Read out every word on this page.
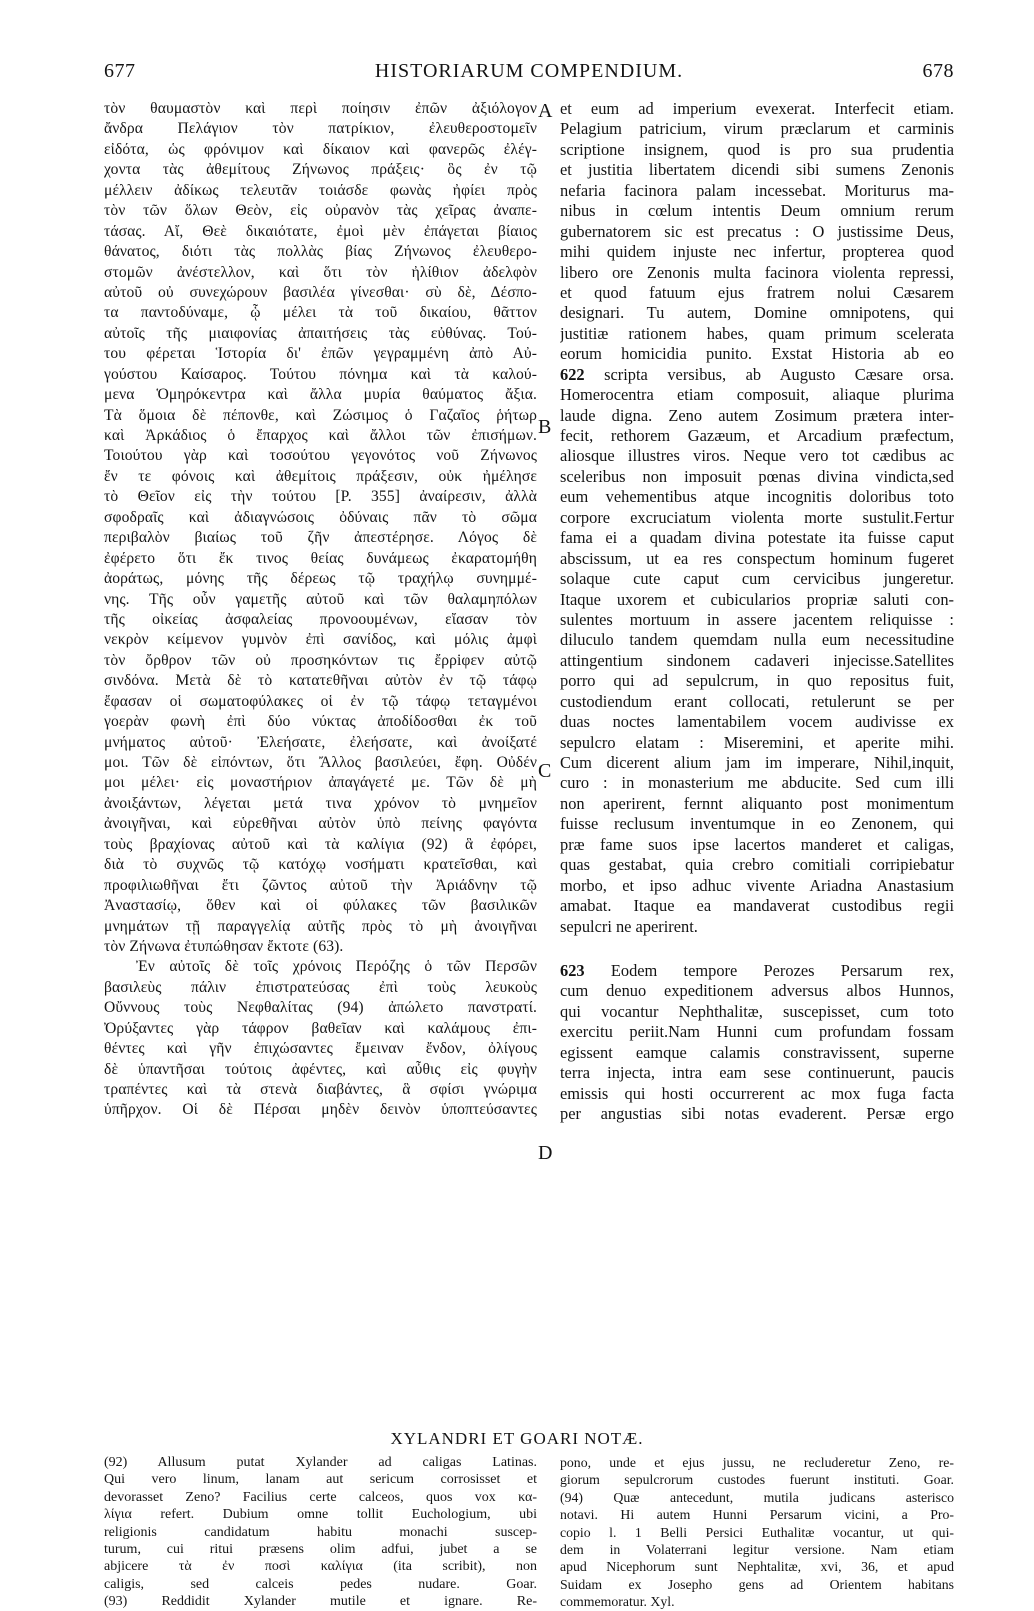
677	HISTORIARUM COMPENDIUM.	678
A
B
C
D
τὸν θαυμαστὸν καὶ περὶ ποίησιν ἐπῶν ἀξιόλογον
ἄνδρα Πελάγιον τὸν πατρίκιον, ἐλευθεροστομεῖν
εἰδότα, ὡς φρόνιμον καὶ δίκαιον καὶ φανερῶς ἐλέγ-
χοντα τὰς ἀθεμίτους Ζήνωνος πράξεις· ὃς ἐν τῷ
μέλλειν ἀδίκως τελευτᾶν τοιάσδε φωνὰς ἠφίει πρὸς
τὸν τῶν ὅλων Θεὸν, εἰς οὐρανὸν τὰς χεῖρας ἀναπε-
τάσας. Αἴ, Θεὲ δικαιότατε, ἐμοὶ μὲν ἐπάγεται βίαιος
θάνατος, διότι τὰς πολλὰς βίας Ζήνωνος ἐλευθερο-
στομῶν ἀνέστελλον, καὶ ὅτι τὸν ἠλίθιον ἀδελφὸν
αὐτοῦ οὐ συνεχώρουν βασιλέα γίνεσθαι· σὺ δὲ, Δέσπο-
τα παντοδύναμε, ᾧ μέλει τὰ τοῦ δικαίου, θᾶττον
αὐτοῖς τῆς μιαιφονίας ἀπαιτήσεις τὰς εὐθύνας. Τού-
του φέρεται Ἱστορία δι' ἐπῶν γεγραμμένη ἀπὸ Αὐ-
γούστου Καίσαρος. Τούτου πόνημα καὶ τὰ καλού-
μενα Ὁμηρόκεντρα καὶ ἄλλα μυρία θαύματος ἄξια.
Τὰ ὅμοια δὲ πέπονθε, καὶ Ζώσιμος ὁ Γαζαῖος ῥήτωρ
καὶ Ἀρκάδιος ὁ ἔπαρχος καὶ ἄλλοι τῶν ἐπισήμων.
Τοιούτου γὰρ καὶ τοσούτου γεγονότος νοῦ Ζήνωνος
ἔν τε φόνοις καὶ ἀθεμίτοις πράξεσιν, οὐκ ἠμέλησε
τὸ Θεῖον εἰς τὴν τούτου [P. 355] ἀναίρεσιν, ἀλλὰ
σφοδραῖς καὶ ἀδιαγνώσοις ὀδύναις πᾶν τὸ σῶμα
περιβαλὸν βιαίως τοῦ ζῆν ἀπεστέρησε. Λόγος δὲ
ἐφέρετο ὅτι ἔκ τινος θείας δυνάμεως ἐκαρατομήθη
ἀοράτως, μόνης τῆς δέρεως τῷ τραχήλῳ συνημμέ-
νης. Τῆς οὖν γαμετῆς αὐτοῦ καὶ τῶν θαλαμηπόλων
τῆς οἰκείας ἀσφαλείας προνοουμένων, εἴασαν τὸν
νεκρὸν κείμενον γυμνὸν ἐπὶ σανίδος, καὶ μόλις ἀμφὶ
τὸν ὄρθρον τῶν οὐ προσηκόντων τις ἔρρiφεν αὐτῷ
σινδόνα. Μετὰ δὲ τὸ κατατεθῆναι αὐτὸν ἐν τῷ τάφῳ
ἔφασαν οἱ σωματοφύλακες οἱ ἐν τῷ τάφῳ τεταγμένοι
γοερὰν φωνὴ ἐπὶ δύο νύκτας ἀποδίδοσθαι ἐκ τοῦ
μνήματος αὐτοῦ· Ἐλεήσατε, ἐλεήσατε, καὶ ἀνοίξατέ
μοι. Τῶν δὲ εἰπόντων, ὅτι Ἄλλος βασιλεύει, ἔφη. Οὐδέν
μοι μέλει· εἰς μοναστήριον ἀπαγάγετέ με. Τῶν δὲ μὴ
ἀνοιξάντων, λέγεται μετά τινα χρόνον τὸ μνημεῖον
ἀνοιγῆναι, καὶ εὑρεθῆναι αὐτὸν ὑπὸ πείνης φαγόντα
τοὺς βραχίονας αὐτοῦ καὶ τὰ καλίγια (92) ἃ ἐφόρει,
διὰ τὸ συχνῶς τῷ κατόχῳ νοσήματι κρατεῖσθαι, καὶ
προφιλιωθῆναι ἔτι ζῶντος αὐτοῦ τὴν Ἀριάδνην τῷ
Ἀναστασίῳ, ὅθεν καὶ οἱ φύλακες τῶν βασιλικῶν
μνημάτων τῇ παραγγελίᾳ αὐτῆς πρὸς τὸ μὴ ἀνοιγῆναι
τὸν Ζήνωνα ἐτυπώθησαν ἔκτοτε (63).
Ἐν αὐτοῖς δὲ τοῖς χρόνοις Περόζης ὁ τῶν Περσῶν
βασιλεὺς πάλιν ἐπιστρατεύσας ἐπὶ τοὺς λευκοὺς
Οὔννους τοὺς Νεφθαλίτας (94) ἀπώλετο πανστρατί.
Ὀρύξαντες γὰρ τάφρον βαθεῖαν καὶ καλάμους ἐπι-
θέντες καὶ γῆν ἐπιχώσαντες ἔμειναν ἔνδον, ὀλίγους
δὲ ὑπαντῆσαι τούτοις ἀφέντες, καὶ αὖθις εἰς φυγὴν
τραπέντες καὶ τὰ στενὰ διαβάντες, ἃ σφίσι γνώριμα
ὑπῆρχον. Οἱ δὲ Πέρσαι μηδὲν δεινὸν ὑποπτεύσαντες
et eum ad imperium evexerat. Interfecit etiam.
Pelagium patricium, virum præclarum et carminis
scriptione insignem, quod is pro sua prudentia
et justitia libertatem dicendi sibi sumens Zenonis
nefaria facinora palam incessebat. Moriturus ma-
nibus in cœlum intentis Deum omnium rerum
gubernatorem sic est precatus : O justissime Deus,
mihi quidem injuste nec infertur, propterea quod
libero ore Zenonis multa facinora violenta repressi,
et quod fatuum ejus fratrem nolui Cæsarem
designari. Tu autem, Domine omnipotens, qui
justitiæ rationem habes, quam primum scelerata
eorum homicidia punito. Exstat Historia ab eo
622 scripta versibus, ab Augusto Cæsare orsa.
Homerocentra etiam composuit, aliaque plurima
laude digna. Zeno autem Zosimum prætera inter-
fecit, rethorem Gazæum, et Arcadium præfectum,
aliosque illustres viros. Neque vero tot cædibus ac
sceleribus non imposuit pœnas divina vindicta,sed
eum vehementibus atque incognitis doloribus toto
corpore excruciatum violenta morte sustulit.Fertur
fama ei a quadam divina potestate ita fuisse caput
abscissum, ut ea res conspectum hominum fugeret
solaque cute caput cum cervicibus jungeretur.
Itaque uxorem et cubicularios propriæ saluti con-
sulentes mortuum in assere jacentem reliquisse :
diluculo tandem quemdam nulla eum necessitudine
attingentium sindonem cadaveri injecisse.Satellites
porro qui ad sepulcrum, in quo repositus fuit,
custodiendum erant collocati, retulerunt se per
duas noctes lamentabilem vocem audivisse ex
sepulcro elatam : Miseremini, et aperite mihi.
Cum dicerent alium jam im imperare, Nihil,inquit,
curo : in monasterium me abducite. Sed cum illi
non aperirent, fernnt aliquanto post monimentum
fuisse reclusum inventumque in eo Zenonem, qui
præ fame suos ipse lacertos manderet et caligas,
quas gestabat, quia crebro comitiali corripiebatur
morbo, et ipso adhuc vivente Ariadna Anastasium
amabat. Itaque ea mandaverat custodibus regii
sepulcri ne aperirent.
623 Eodem tempore Perozes Persarum rex,
cum denuo expeditionem adversus albos Hunnos,
qui vocantur Nephthalitæ, suscepisset, cum toto
exercitu periit.Nam Hunni cum profundam fossam
egissent eamque calamis constravissent, superne
terra injecta, intra eam sese continuerunt, paucis
emissis qui hosti occurrerent ac mox fuga facta
per angustias sibi notas evaderent. Persæ ergo
XYLANDRI ET GOARI NOTÆ.
(92) Allusum putat Xylander ad caligas Latinas.
Qui vero linum, lanam aut sericum corrosisset et
devorasset Zeno? Facilius certe calceos, quos vox κα-
λίγια refert. Dubium omne tollit Euchologium, ubi
religionis candidatum habitu monachi suscep-
turum, cui ritui præsens olim adfui, jubet a se
abjicere τὰ ἐν ποσὶ καλίγια (ita scribit), non
caligis, sed calceis pedes nudare. Goar.
(93) Reddidit Xylander mutile et ignare. Re-
pono, unde et ejus jussu, ne recluderetur Zeno, re-
giorum sepulcrorum custodes fuerunt instituti. Goar.
(94) Quæ antecedunt, mutila judicans asterisco
notavi. Hi autem Hunni Persarum vicini, a Pro-
copio l. 1 Belli Persici Euthalitæ vocantur, ut qui-
dem in Volaterrani legitur versione. Nam etiam
apud Nicephorum sunt Nephtalitæ, xvi, 36, et apud
Suidam ex Josepho gens ad Orientem habitans
commemoratur. Xyl.
